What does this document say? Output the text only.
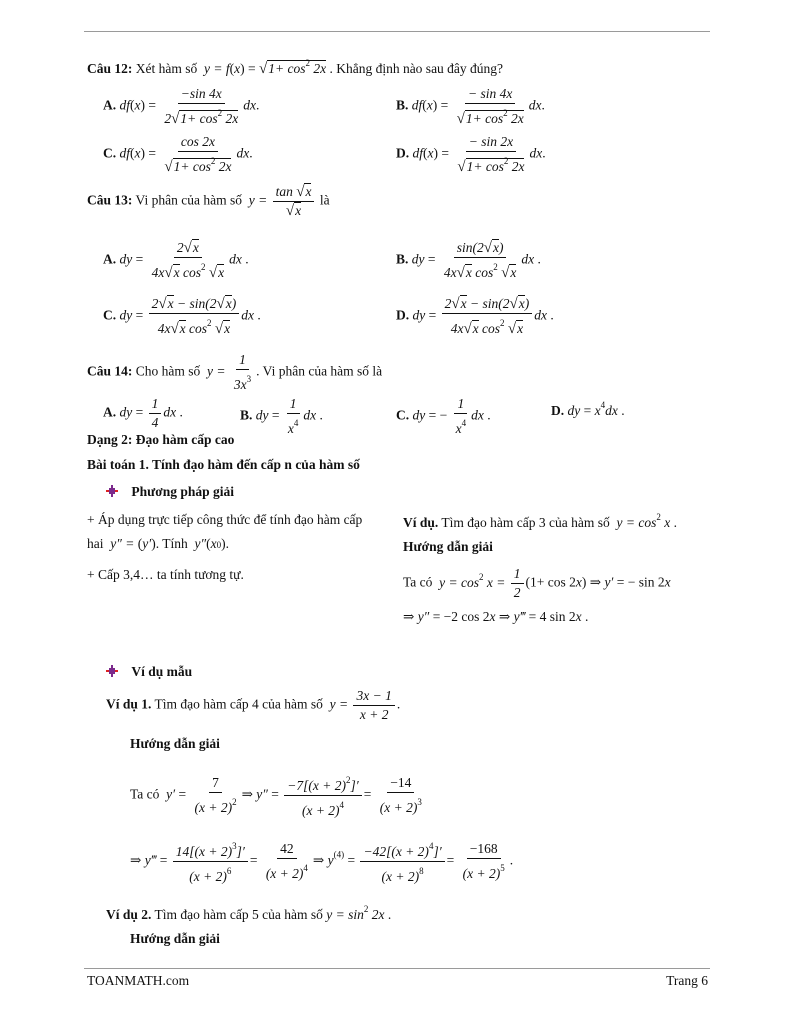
Câu 12: Xét hàm số  $y = f(x) = √1+ \cos^2 2x$ . Khẳng định nào sau đây đúng?
A. $df(x) = \frac{-\sin 4x}{2√1+ \cos^2 2x}$ dx.	B. $df(x) = \frac{- \sin 4x}{√1+ \cos^2 2x}$ dx.
C. $df(x) = \frac{\cos 2x}{√1+ \cos^2 2x}$ dx.	D. $df(x) = \frac{- \sin 2x}{√1+ \cos^2 2x}$ dx.
Câu 13: Vi phân của hàm số  $y = \frac{\tan √x}{√x}$ là
A. dy = $\frac{2√x}{4x√x \cos^2 √x}$ dx .	B. dy = $\frac{\sin(2√x)}{4x√x \cos^2 √x}$ dx .
C. dy = $\frac{2√x - \sin(2√x)}{4x√x \cos^2 √x}$ dx .	D. dy = $\frac{2√x - \sin(2√x)}{4x√x \cos^2 √x}$ dx .
Câu 14: Cho hàm số  $y = \frac{1}{3x^3}$ . Vi phân của hàm số là
A. dy = $\frac{1}{4}$ dx .	B. dy = $\frac{1}{x^4}$ dx .	C. dy = − $\frac{1}{x^4}$ dx .	D. dy = $x^4dx$ .
Dạng 2: Đạo hàm cấp cao
Bài toán 1. Tính đạo hàm đến cấp n của hàm số
Phương pháp giải
+ Áp dụng trực tiếp công thức để tính đạo hàm cấp
hai  y″ = (y′). Tính  y″(x0).
+ Cấp 3,4… ta tính tương tự.
Ví dụ. Tìm đạo hàm cấp 3 của hàm số  $y = \cos^2 x$ .
Hướng dẫn giải
Ta có  $y = \cos^2 x = \frac{1}{2} (1+ \cos 2x)$ ⇒ y′ = − sin 2x
⇒ y″ = −2 cos 2x ⇒ y‴ = 4 sin 2x .
Ví dụ mẫu
Ví dụ 1. Tìm đạo hàm cấp 4 của hàm số  $y = \frac{3x - 1}{x + 2}$ .
Hướng dẫn giải
Ta có  $y' = \frac{7}{(x + 2)^2}$ ⇒ $y'' = \frac{-7[(x + 2)^2]'}{(x + 2)^4} = \frac{-14}{(x + 2)^3}$
⇒ y‴ = $\frac{14[(x + 2)^3]'}{(x + 2)^6} = \frac{42}{(x + 2)^4}$ ⇒ $y^{(4)} = \frac{-42[(x + 2)^4]'}{(x + 2)^8} = \frac{-168}{(x + 2)^5}$ .
Ví dụ 2. Tìm đạo hàm cấp 5 của hàm số $y = \sin^2 2x$ .
Hướng dẫn giải
TOANMATH.com	Trang 6
